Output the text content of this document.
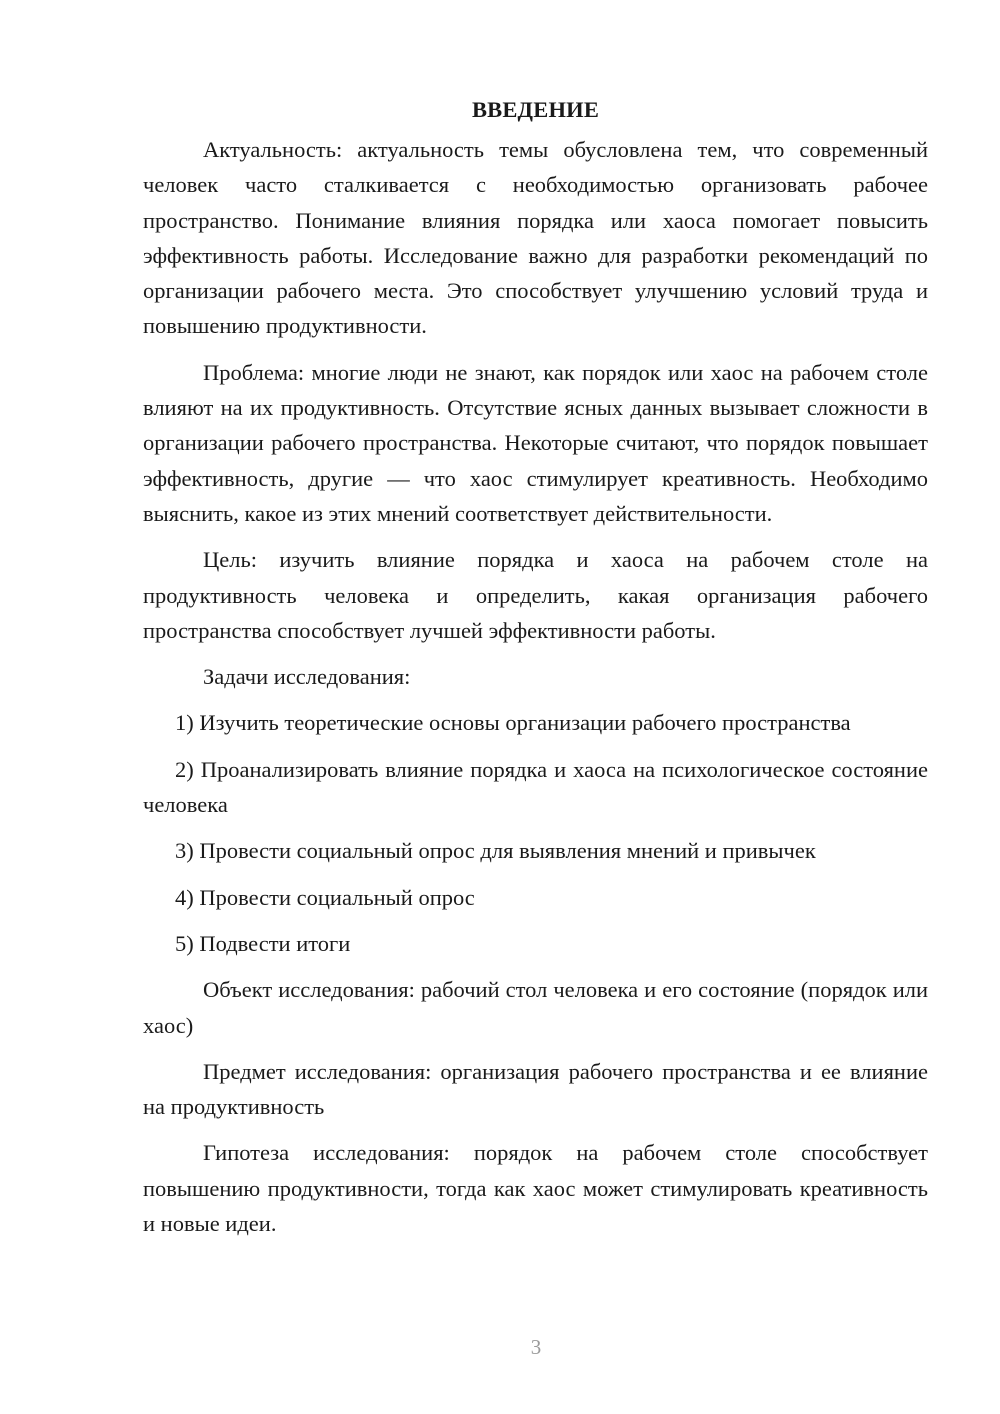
ВВЕДЕНИЕ

Актуальность: актуальность темы обусловлена тем, что современный человек часто сталкивается с необходимостью организовать рабочее пространство. Понимание влияния порядка или хаоса помогает повысить эффективность работы. Исследование важно для разработки рекомендаций по организации рабочего места. Это способствует улучшению условий труда и повышению продуктивности.

Проблема: многие люди не знают, как порядок или хаос на рабочем столе влияют на их продуктивность. Отсутствие ясных данных вызывает сложности в организации рабочего пространства. Некоторые считают, что порядок повышает эффективность, другие — что хаос стимулирует креативность. Необходимо выяснить, какое из этих мнений соответствует действительности.

Цель: изучить влияние порядка и хаоса на рабочем столе на продуктивность человека и определить, какая организация рабочего пространства способствует лучшей эффективности работы.

Задачи исследования:

1) Изучить теоретические основы организации рабочего пространства

2) Проанализировать влияние порядка и хаоса на психологическое состояние человека

3) Провести социальный опрос для выявления мнений и привычек

4) Провести социальный опрос

5) Подвести итоги

Объект исследования: рабочий стол человека и его состояние (порядок или хаос)

Предмет исследования: организация рабочего пространства и ее влияние на продуктивность

Гипотеза исследования: порядок на рабочем столе способствует повышению продуктивности, тогда как хаос может стимулировать креативность и новые идеи.

3
